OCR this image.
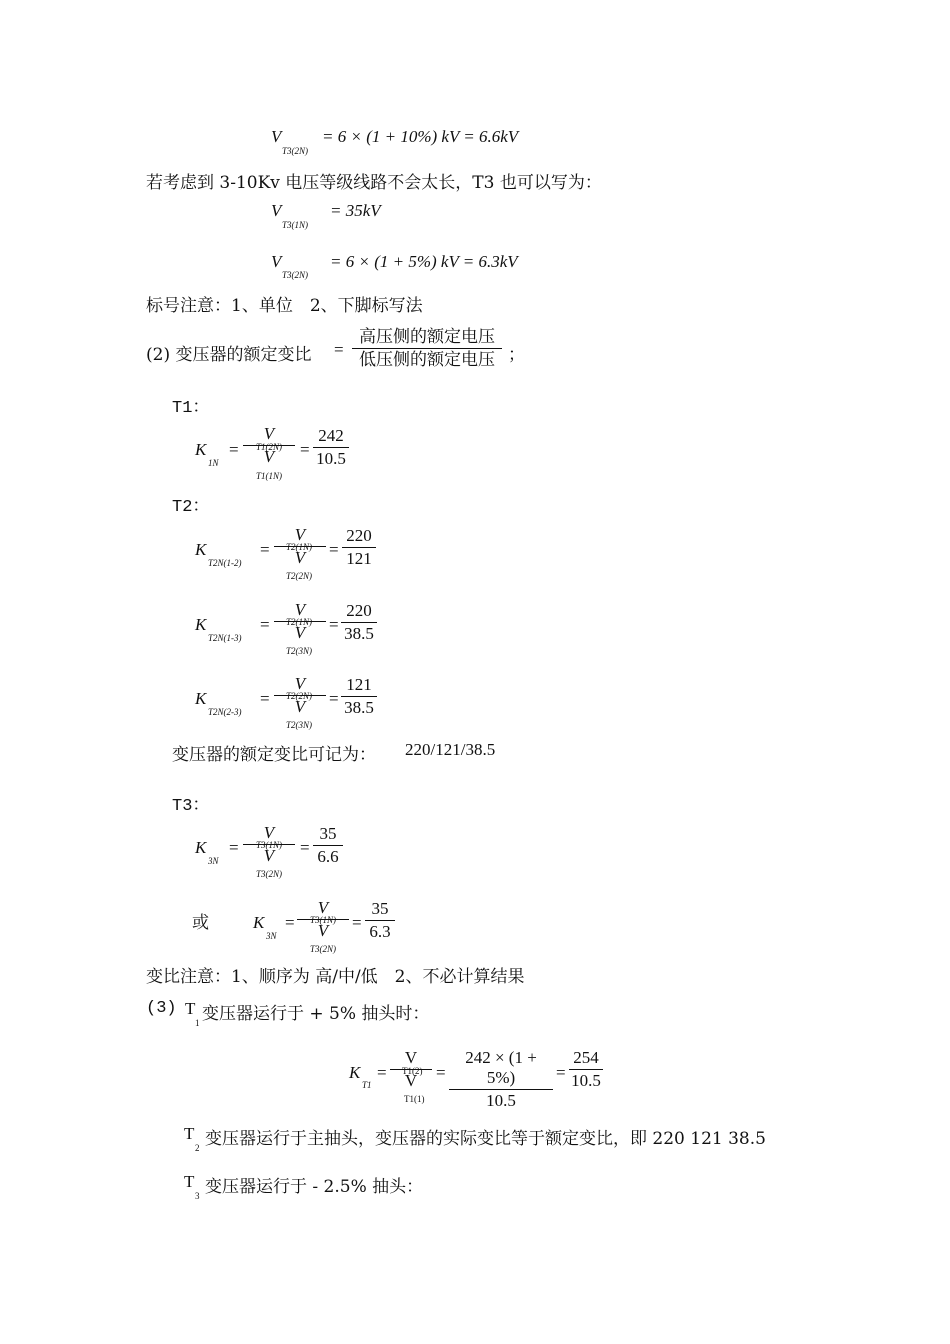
V
T3(2N)
= 6 × (1 + 10%) kV = 6.6kV
若考虑到 3-10Kv 电压等级线路不会太长，T3 也可以写为：
V
T3(1N)
= 35kV
V
T3(2N)
= 6 × (1 + 5%) kV = 6.3kV
标号注意：1、单位　2、下脚标写法
(2) 变压器的额定变比 =
高压侧的额定电压
低压侧的额定电压 ；
T1：
K
1N
=
V
V
T1(2N)
T1(1N)
=
242
10.5
T2：
K
T2N(1-2)
=
V
V
T2(1N)
T2(2N)
=
220
121
K
T2N(1-3)
=
V
V
T2(1N)
T2(3N)
=
220
38.5
K
T2N(2-3)
=
V
V
T2(2N)
T2(3N)
=
121
38.5
变压器的额定变比可记为： 220/121/38.5
T3：
K
3N
=
V
V
T3(1N)
T3(2N)
=
35
6.6
或	K
3N
=
V
V
T3(1N)
T3(2N)
=
35
6.3
变比注意：1、顺序为 高/中/低　2、不必计算结果
(3) T
1 变压器运行于 + 5% 抽头时：
K
T1
=
V
V
T1(2)
T1(1)
=
242 × (1 + 5%)
10.5
=
254
10.5
T
2 变压器运行于主抽头，变压器的实际变比等于额定变比，即 220 121 38.5
T
3 变压器运行于 - 2.5% 抽头：
